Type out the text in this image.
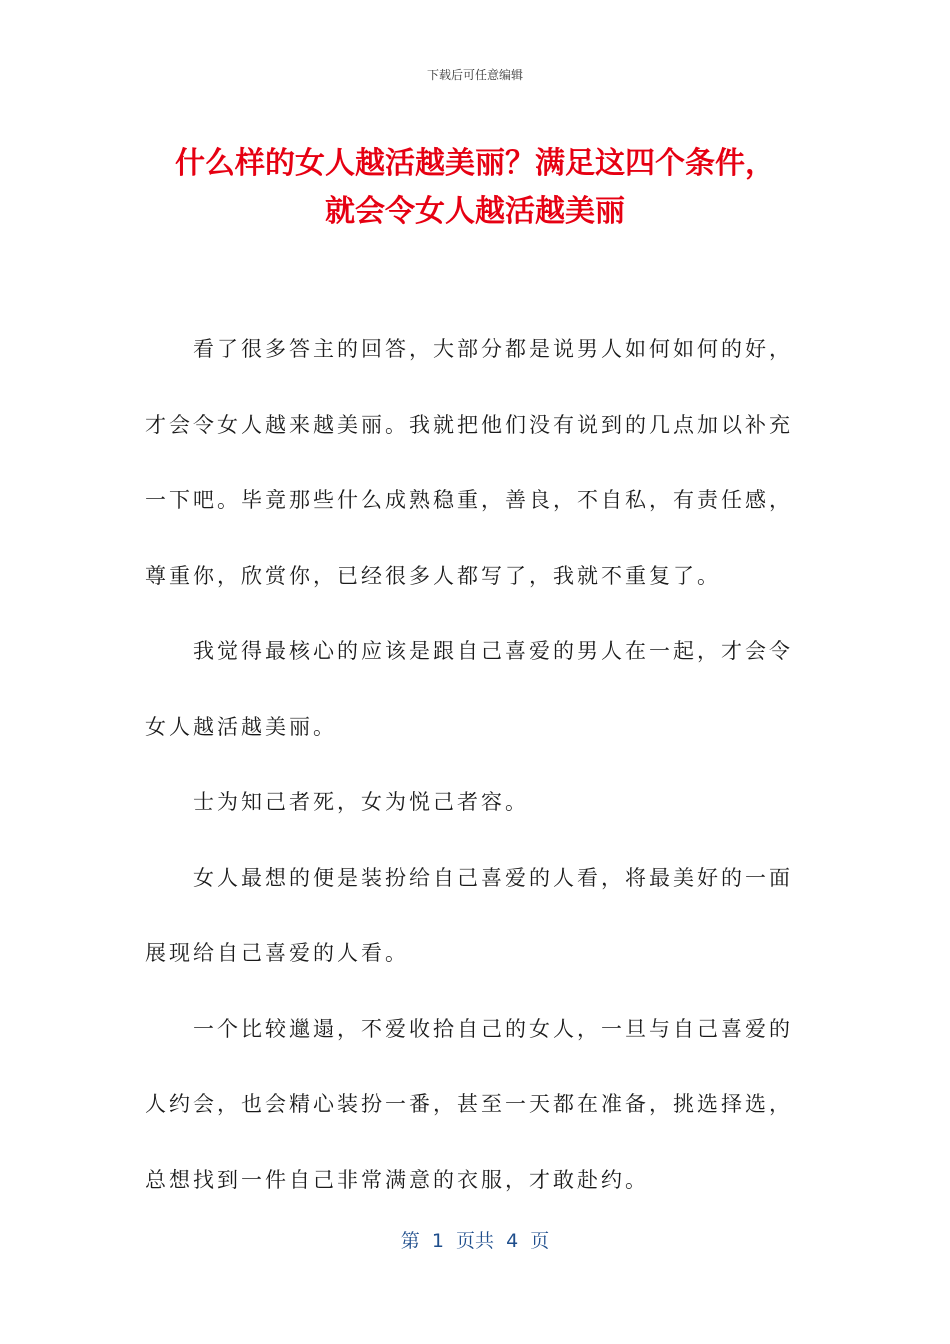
下载后可任意编辑
什么样的女人越活越美丽？满足这四个条件，
就会令女人越活越美丽

看了很多答主的回答，大部分都是说男人如何如何的好，才会令女人越来越美丽。我就把他们没有说到的几点加以补充一下吧。毕竟那些什么成熟稳重，善良，不自私，有责任感，尊重你，欣赏你，已经很多人都写了，我就不重复了。

我觉得最核心的应该是跟自己喜爱的男人在一起，才会令女人越活越美丽。

士为知己者死，女为悦己者容。

女人最想的便是装扮给自己喜爱的人看，将最美好的一面展现给自己喜爱的人看。

一个比较邋遢，不爱收拾自己的女人，一旦与自己喜爱的人约会，也会精心装扮一番，甚至一天都在准备，挑选择选，总想找到一件自己非常满意的衣服，才敢赴约。

第  1  页共  4  页
